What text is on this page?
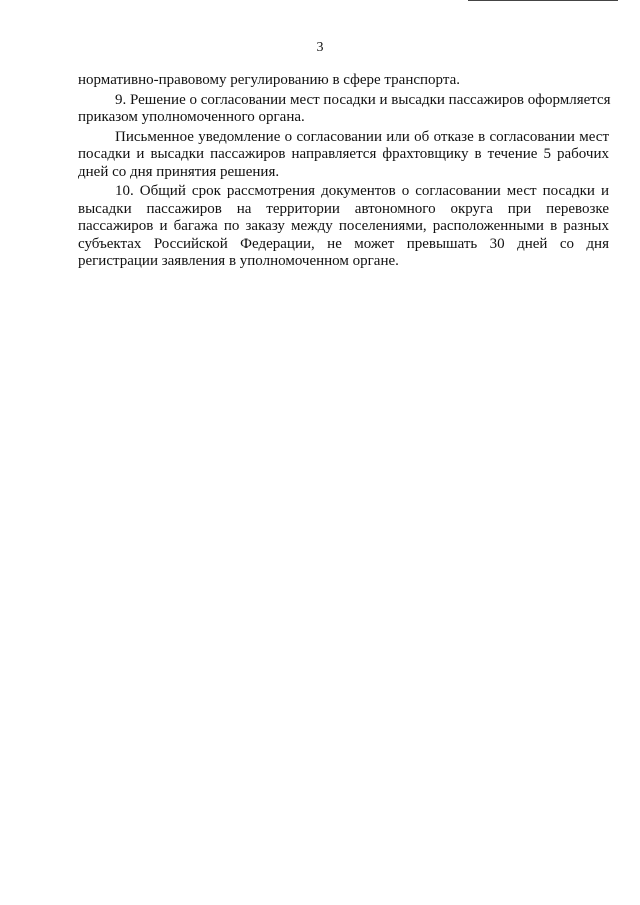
3
нормативно-правовому регулированию в сфере транспорта.
9. Решение о согласовании мест посадки и высадки пассажиров оформляется
приказом уполномоченного органа.
Письменное уведомление о согласовании или об отказе в согласовании мест
посадки и высадки пассажиров направляется фрахтовщику в течение 5 рабочих
дней со дня принятия решения.
10. Общий срок рассмотрения документов о согласовании мест посадки и
высадки пассажиров на территории автономного округа при перевозке
пассажиров и багажа по заказу между поселениями, расположенными в разных
субъектах Российской Федерации, не может превышать 30 дней со дня
регистрации заявления в уполномоченном органе.
